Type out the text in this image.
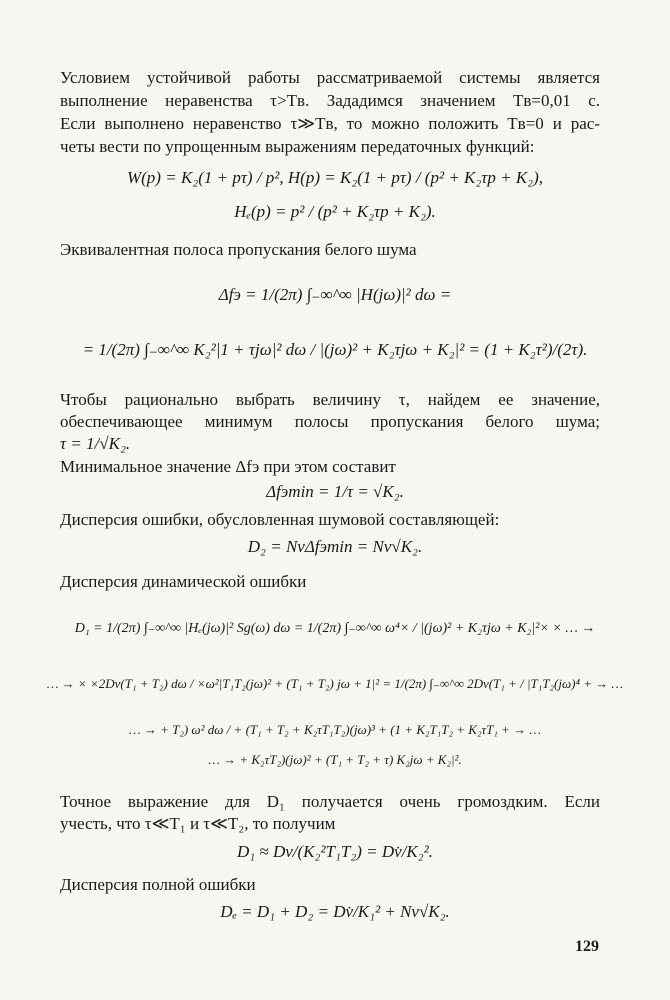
Условием устойчивой работы рассматриваемой системы является
выполнение неравенства τ>Tв. Зададимся значением Tв=0,01 с.
Если выполнено неравенство τ≫Tв, то можно положить Tв=0 и рас-
четы вести по упрощенным выражениям передаточных функций:
W(p) = K₂(1 + pτ) / p², H(p) = K₂(1 + pτ) / (p² + K₂τp + K₂),
Hₑ(p) = p² / (p² + K₂τp + K₂).
Эквивалентная полоса пропускания белого шума
Δfэ = 1/(2π) ∫₋∞^∞ |H(jω)|² dω =
= 1/(2π) ∫₋∞^∞ K₂²|1 + τjω|² dω / |(jω)² + K₂τjω + K₂|² = (1 + K₂τ²)/(2τ).
Чтобы рационально выбрать величину τ, найдем ее значение,
обеспечивающее минимум полосы пропускания белого шума;
τ = 1/√K₂.
Минимальное значение Δfэ при этом составит
Δfэmin = 1/τ = √K₂.
Дисперсия ошибки, обусловленная шумовой составляющей:
D₂ = NvΔfэmin = Nv√K₂.
Дисперсия динамической ошибки
D₁ = 1/(2π) ∫₋∞^∞ |Hₑ(jω)|² Sg(ω) dω = 1/(2π) ∫₋∞^∞ ω⁴× / |(jω)² + K₂τjω + K₂|²× × … →
… → × ×2Dv(T₁ + T₂) dω / ×ω²|T₁T₂(jω)² + (T₁ + T₂) jω + 1|² = 1/(2π) ∫₋∞^∞ 2Dv(T₁ + / |T₁T₂(jω)⁴ + → …
… → + T₂) ω² dω / + (T₁ + T₂ + K₂τT₁T₂)(jω)³ + (1 + K₂T₁T₂ + K₂τT₁ + → …
… → + K₂τT₂)(jω)² + (T₁ + T₂ + τ) K₂jω + K₂|².
Точное выражение для D₁ получается очень громоздким. Если
учесть, что τ≪T₁ и τ≪T₂, то получим
D₁ ≈ Dv/(K₂²T₁T₂) = Dv̇/K₂².
Дисперсия полной ошибки
Dₑ = D₁ + D₂ = Dv̇/K₁² + Nv√K₂.
129
